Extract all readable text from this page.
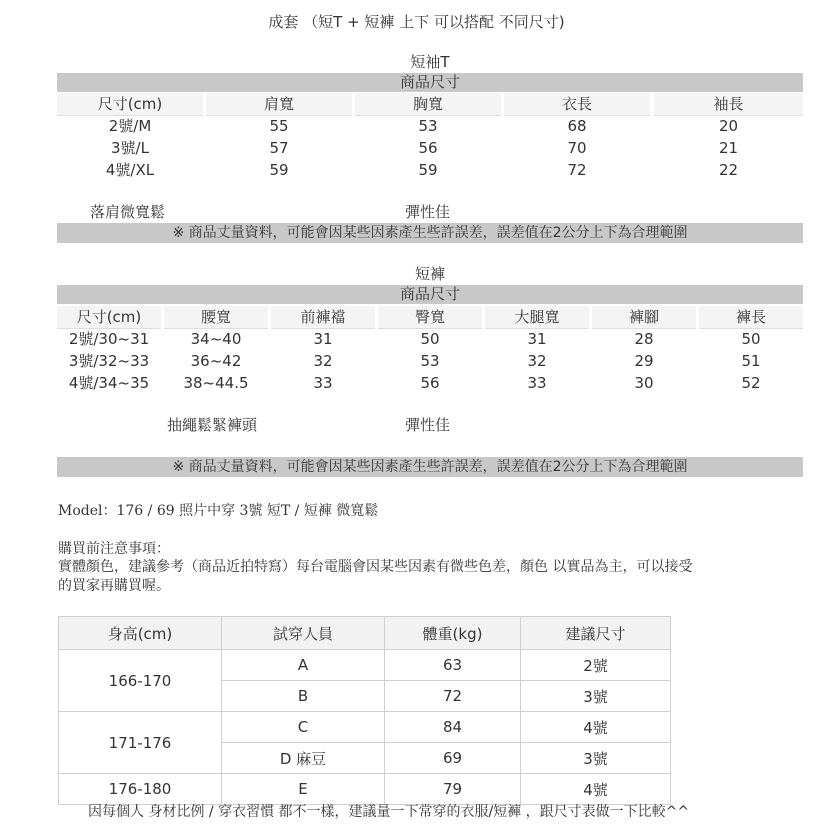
成套 （短T + 短褲 上下 可以搭配 不同尺寸)
短袖T
商品尺寸
尺寸(cm)	肩寬	胸寬	衣長	袖長
2號/M	55	53	68	20
3號/L	57	56	70	21
4號/XL	59	59	72	22
落肩微寬鬆	彈性佳
※ 商品丈量資料，可能會因某些因素產生些許誤差，誤差值在2公分上下為合理範圍
短褲
商品尺寸
尺寸(cm)	腰寬	前褲襠	臀寬	大腿寬	褲腳	褲長
2號/30~31	34~40	31	50	31	28	50
3號/32~33	36~42	32	53	32	29	51
4號/34~35	38~44.5	33	56	33	30	52
抽繩鬆緊褲頭	彈性佳
※ 商品丈量資料，可能會因某些因素產生些許誤差，誤差值在2公分上下為合理範圍
Model：176 / 69 照片中穿 3號 短T / 短褲 微寬鬆
購買前注意事項：
實體顏色，建議參考（商品近拍特寫）每台電腦會因某些因素有微些色差，顏色 以實品為主，可以接受
的買家再購買喔。
身高(cm)	試穿人員	體重(kg)	建議尺寸
166-170	A	63	2號
	B	72	3號
171-176	C	84	4號
	D 麻豆	69	3號
176-180	E	79	4號
因每個人 身材比例 / 穿衣習慣 都不一樣，建議量一下常穿的衣服/短褲 ，跟尺寸表做一下比較^^
